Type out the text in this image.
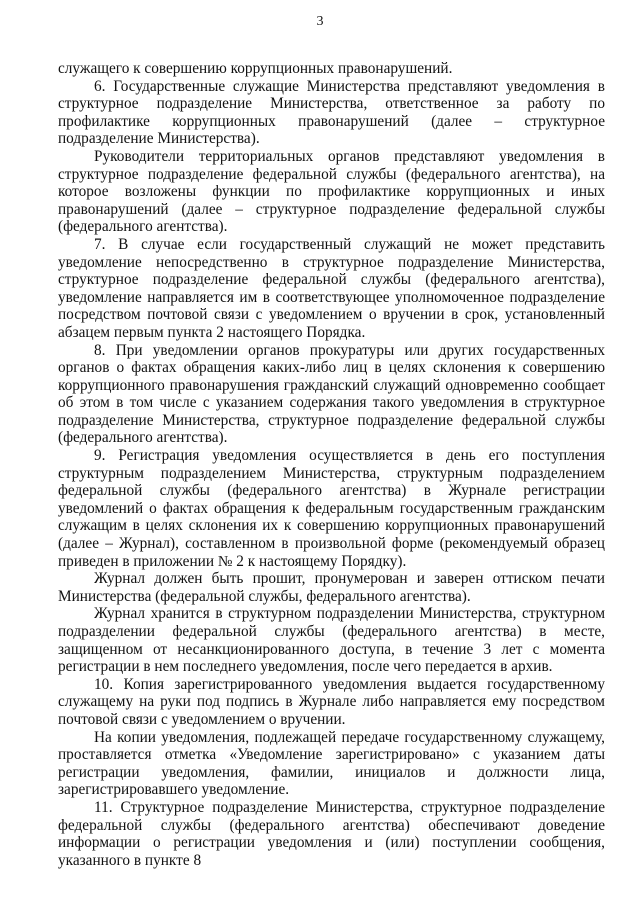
3

служащего к совершению коррупционных правонарушений.

6. Государственные служащие Министерства представляют уведомления в структурное подразделение Министерства, ответственное за работу по профилактике коррупционных правонарушений (далее – структурное подразделение Министерства).

Руководители территориальных органов представляют уведомления в структурное подразделение федеральной службы (федерального агентства), на которое возложены функции по профилактике коррупционных и иных правонарушений (далее – структурное подразделение федеральной службы (федерального агентства).

7. В случае если государственный служащий не может представить уведомление непосредственно в структурное подразделение Министерства, структурное подразделение федеральной службы (федерального агентства), уведомление направляется им в соответствующее уполномоченное подразделение посредством почтовой связи с уведомлением о вручении в срок, установленный абзацем первым пункта 2 настоящего Порядка.

8. При уведомлении органов прокуратуры или других государственных органов о фактах обращения каких-либо лиц в целях склонения к совершению коррупционного правонарушения гражданский служащий одновременно сообщает об этом в том числе с указанием содержания такого уведомления в структурное подразделение Министерства, структурное подразделение федеральной службы (федерального агентства).

9. Регистрация уведомления осуществляется в день его поступления структурным подразделением Министерства, структурным подразделением федеральной службы (федерального агентства) в Журнале регистрации уведомлений о фактах обращения к федеральным государственным гражданским служащим в целях склонения их к совершению коррупционных правонарушений (далее – Журнал), составленном в произвольной форме (рекомендуемый образец приведен в приложении № 2 к настоящему Порядку).

Журнал должен быть прошит, пронумерован и заверен оттиском печати Министерства (федеральной службы, федерального агентства).

Журнал хранится в структурном подразделении Министерства, структурном подразделении федеральной службы (федерального агентства) в месте, защищенном от несанкционированного доступа, в течение 3 лет с момента регистрации в нем последнего уведомления, после чего передается в архив.

10. Копия зарегистрированного уведомления выдается государственному служащему на руки под подпись в Журнале либо направляется ему посредством почтовой связи с уведомлением о вручении.

На копии уведомления, подлежащей передаче государственному служащему, проставляется отметка «Уведомление зарегистрировано» с указанием даты регистрации уведомления, фамилии, инициалов и должности лица, зарегистрировавшего уведомление.

11. Структурное подразделение Министерства, структурное подразделение федеральной службы (федерального агентства) обеспечивают доведение информации о регистрации уведомления и (или) поступлении сообщения, указанного в пункте 8
